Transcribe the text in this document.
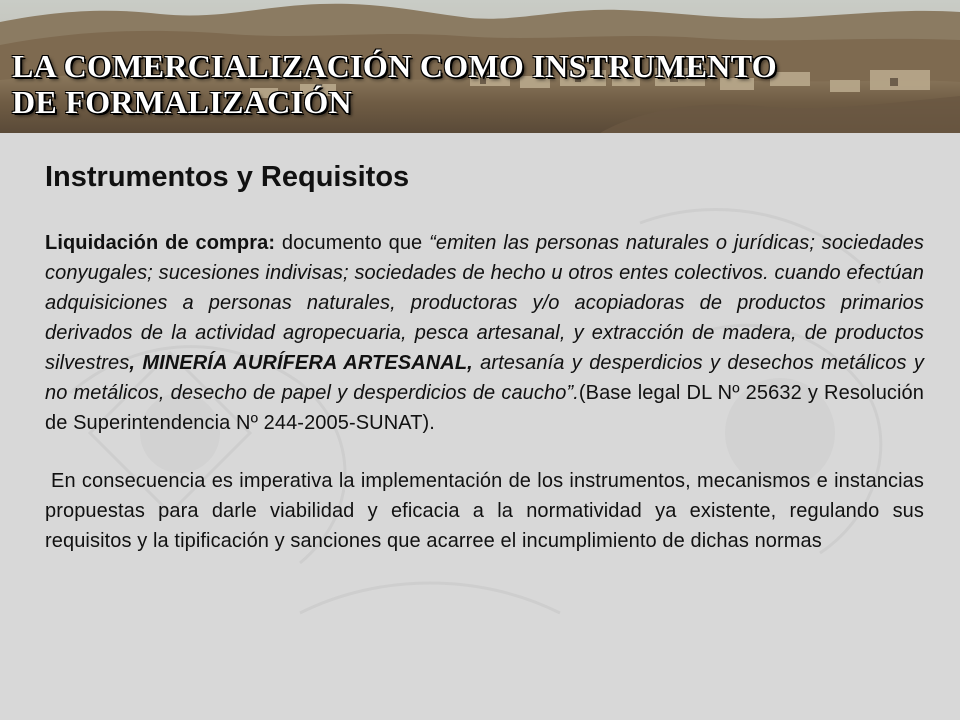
LA COMERCIALIZACIÓN COMO INSTRUMENTO
DE FORMALIZACIÓN
Instrumentos y Requisitos

Liquidación de compra: documento que “emiten las personas naturales o jurídicas; sociedades conyugales; sucesiones indivisas; sociedades de hecho u otros entes colectivos. cuando efectúan adquisiciones a personas naturales, productoras y/o acopiadoras de productos primarios derivados de la actividad agropecuaria, pesca artesanal, y extracción de madera, de productos silvestres, MINERÍA AURÍFERA ARTESANAL, artesanía y desperdicios y desechos metálicos y no metálicos, desecho de papel y desperdicios de caucho”.(Base legal DL Nº 25632 y Resolución de Superintendencia Nº 244-2005-SUNAT).

En consecuencia es imperativa la implementación de los instrumentos, mecanismos e instancias propuestas para darle viabilidad y eficacia a la normatividad ya existente, regulando sus requisitos y la tipificación y sanciones que acarree el incumplimiento de dichas normas
